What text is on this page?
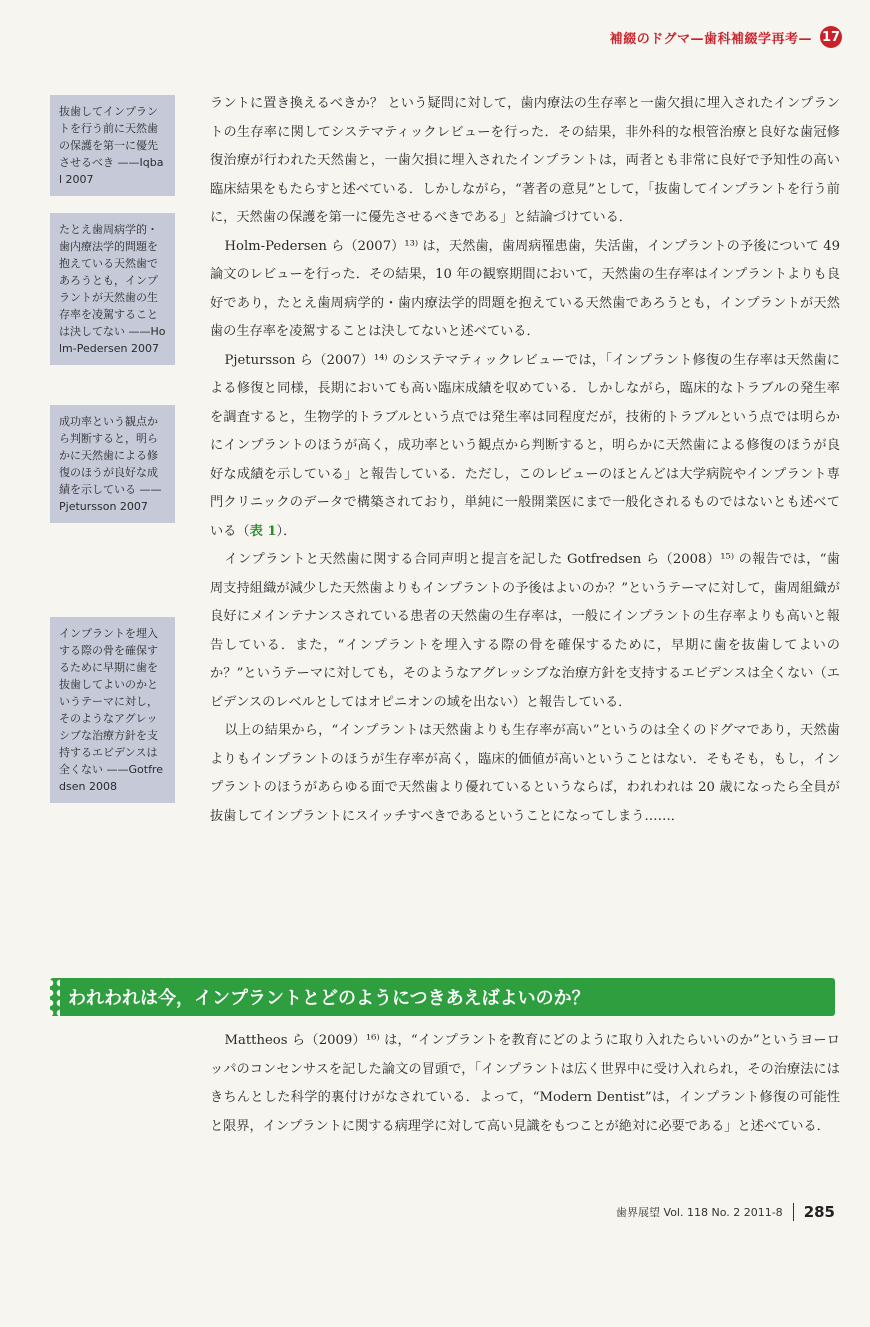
補綴のドグマ—歯科補綴学再考— 17
抜歯してインプラントを行う前に天然歯の保護を第一に優先させるべき ——Iqbal 2007
たとえ歯周病学的・歯内療法学的問題を抱えている天然歯であろうとも，インプラントが天然歯の生存率を凌駕することは決してない ——Holm-Pedersen 2007
成功率という観点から判断すると，明らかに天然歯による修復のほうが良好な成績を示している ——Pjetursson 2007
インプラントを埋入する際の骨を確保するために早期に歯を抜歯してよいのかというテーマに対し，そのようなアグレッシブな治療方針を支持するエビデンスは全くない ——Gotfredsen 2008

ラントに置き換えるべきか？ という疑問に対して，歯内療法の生存率と一歯欠損に埋入されたインプラントの生存率に関してシステマティックレビューを行った．その結果，非外科的な根管治療と良好な歯冠修復治療が行われた天然歯と，一歯欠損に埋入されたインプラントは，両者とも非常に良好で予知性の高い臨床結果をもたらすと述べている．しかしながら，“著者の意見”として，「抜歯してインプラントを行う前に，天然歯の保護を第一に優先させるべきである」と結論づけている．

Holm-Pedersen ら（2007）¹³⁾ は，天然歯，歯周病罹患歯，失活歯，インプラントの予後について 49 論文のレビューを行った．その結果，10 年の観察期間において，天然歯の生存率はインプラントよりも良好であり，たとえ歯周病学的・歯内療法学的問題を抱えている天然歯であろうとも，インプラントが天然歯の生存率を凌駕することは決してないと述べている．

Pjetursson ら（2007）¹⁴⁾ のシステマティックレビューでは，「インプラント修復の生存率は天然歯による修復と同様，長期においても高い臨床成績を収めている．しかしながら，臨床的なトラブルの発生率を調査すると，生物学的トラブルという点では発生率は同程度だが，技術的トラブルという点では明らかにインプラントのほうが高く，成功率という観点から判断すると，明らかに天然歯による修復のほうが良好な成績を示している」と報告している．ただし，このレビューのほとんどは大学病院やインプラント専門クリニックのデータで構築されており，単純に一般開業医にまで一般化されるものではないとも述べている（表 1）．

インプラントと天然歯に関する合同声明と提言を記した Gotfredsen ら（2008）¹⁵⁾ の報告では，“歯周支持組織が減少した天然歯よりもインプラントの予後はよいのか？”というテーマに対して，歯周組織が良好にメインテナンスされている患者の天然歯の生存率は，一般にインプラントの生存率よりも高いと報告している．また，“インプラントを埋入する際の骨を確保するために，早期に歯を抜歯してよいのか？”というテーマに対しても，そのようなアグレッシブな治療方針を支持するエビデンスは全くない（エビデンスのレベルとしてはオピニオンの域を出ない）と報告している．

以上の結果から，“インプラントは天然歯よりも生存率が高い”というのは全くのドグマであり，天然歯よりもインプラントのほうが生存率が高く，臨床的価値が高いということはない．そもそも，もし，インプラントのほうがあらゆる面で天然歯より優れているというならば，われわれは 20 歳になったら全員が抜歯してインプラントにスイッチすべきであるということになってしまう……．

われわれは今，インプラントとどのようにつきあえばよいのか？

Mattheos ら（2009）¹⁶⁾ は，“インプラントを教育にどのように取り入れたらいいのか”というヨーロッパのコンセンサスを記した論文の冒頭で，「インプラントは広く世界中に受け入れられ，その治療法にはきちんとした科学的裏付けがなされている．よって，“Modern Dentist”は，インプラント修復の可能性と限界，インプラントに関する病理学に対して高い見識をもつことが絶対に必要である」と述べている．

歯界展望 Vol. 118 No. 2 2011-8 285
